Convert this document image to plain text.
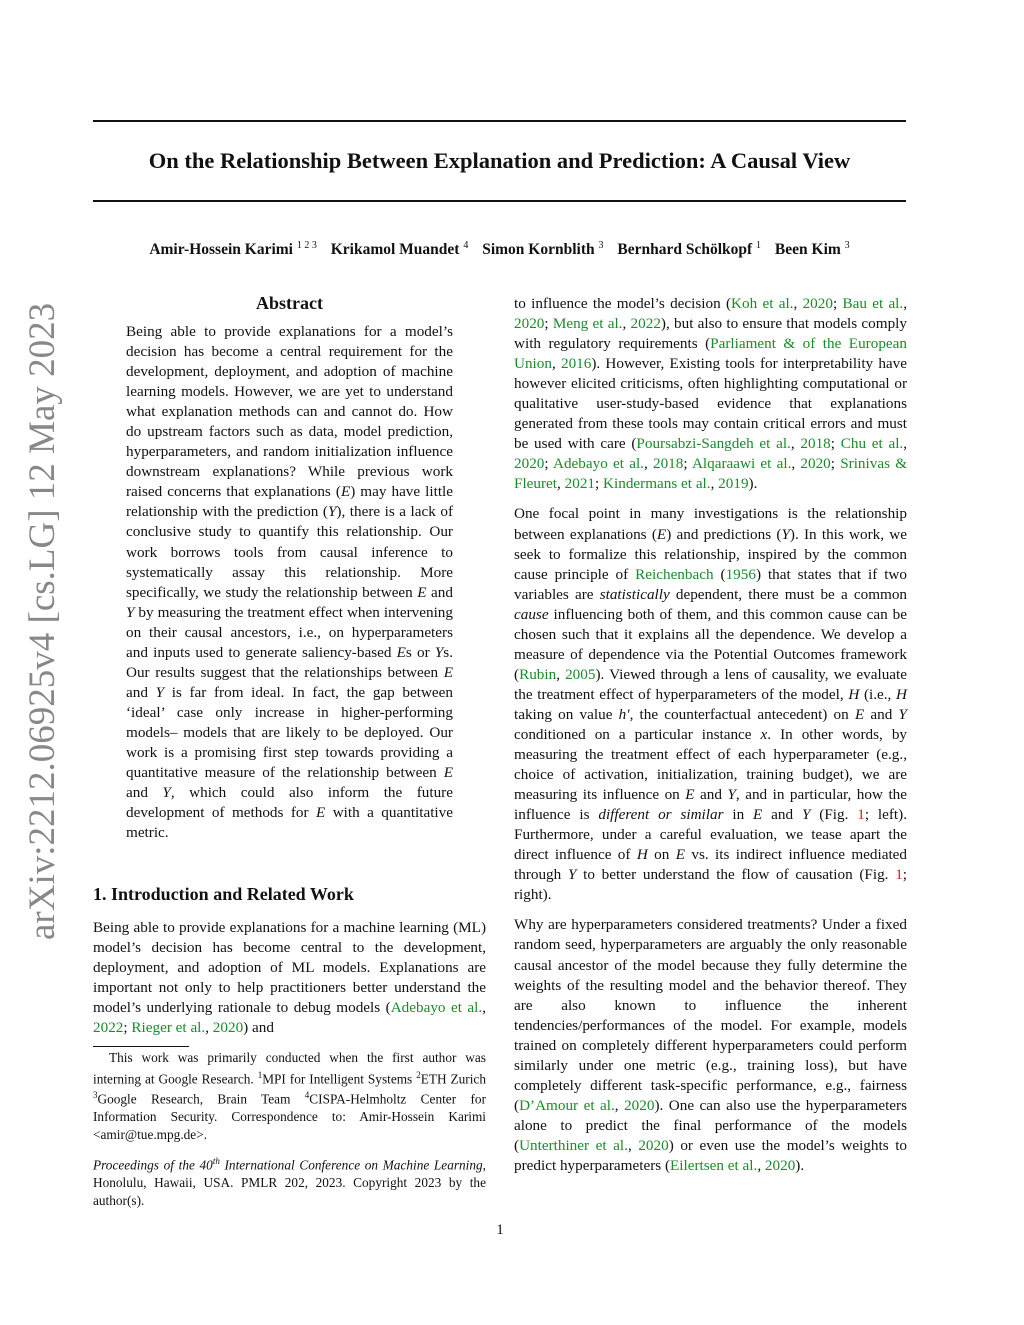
arXiv:2212.06925v4 [cs.LG] 12 May 2023
On the Relationship Between Explanation and Prediction: A Causal View
Amir-Hossein Karimi $^{1 2 3}$ Krikamol Muandet $^4$ Simon Kornblith $^3$ Bernhard Schölkopf $^1$ Been Kim $^3$
Abstract

Being able to provide explanations for a model’s decision has become a central requirement for the development, deployment, and adoption of machine learning models. However, we are yet to understand what explanation methods can and cannot do. How do upstream factors such as data, model prediction, hyperparameters, and random initialization influence downstream explanations? While previous work raised concerns that explanations (E) may have little relationship with the prediction (Y), there is a lack of conclusive study to quantify this relationship. Our work borrows tools from causal inference to systematically assay this relationship. More specifically, we study the relationship between E and Y by measuring the treatment effect when intervening on their causal ancestors, i.e., on hyperparameters and inputs used to generate saliency-based Es or Ys. Our results suggest that the relationships between E and Y is far from ideal. In fact, the gap between ‘ideal’ case only increase in higher-performing models– models that are likely to be deployed. Our work is a promising first step towards providing a quantitative measure of the relationship between E and Y, which could also inform the future development of methods for E with a quantitative metric.

1. Introduction and Related Work

Being able to provide explanations for a machine learning (ML) model’s decision has become central to the development, deployment, and adoption of ML models. Explanations are important not only to help practitioners better understand the model’s underlying rationale to debug models (Adebayo et al., 2022; Rieger et al., 2020) and

This work was primarily conducted when the first author was interning at Google Research. $^1$MPI for Intelligent Systems $^2$ETH Zurich $^3$Google Research, Brain Team $^4$CISPA-Helmholtz Center for Information Security. Correspondence to: Amir-Hossein Karimi <amir@tue.mpg.de>.

Proceedings of the 40th International Conference on Machine Learning, Honolulu, Hawaii, USA. PMLR 202, 2023. Copyright 2023 by the author(s).

to influence the model’s decision (Koh et al., 2020; Bau et al., 2020; Meng et al., 2022), but also to ensure that models comply with regulatory requirements (Parliament & of the European Union, 2016). However, Existing tools for interpretability have however elicited criticisms, often highlighting computational or qualitative user-study-based evidence that explanations generated from these tools may contain critical errors and must be used with care (Poursabzi-Sangdeh et al., 2018; Chu et al., 2020; Adebayo et al., 2018; Alqaraawi et al., 2020; Srinivas & Fleuret, 2021; Kindermans et al., 2019).

One focal point in many investigations is the relationship between explanations (E) and predictions (Y). In this work, we seek to formalize this relationship, inspired by the common cause principle of Reichenbach (1956) that states that if two variables are statistically dependent, there must be a common cause influencing both of them, and this common cause can be chosen such that it explains all the dependence. We develop a measure of dependence via the Potential Outcomes framework (Rubin, 2005). Viewed through a lens of causality, we evaluate the treatment effect of hyperparameters of the model, H (i.e., H taking on value h′, the counterfactual antecedent) on E and Y conditioned on a particular instance x. In other words, by measuring the treatment effect of each hyperparameter (e.g., choice of activation, initialization, training budget), we are measuring its influence on E and Y, and in particular, how the influence is different or similar in E and Y (Fig. 1; left). Furthermore, under a careful evaluation, we tease apart the direct influence of H on E vs. its indirect influence mediated through Y to better understand the flow of causation (Fig. 1; right).

Why are hyperparameters considered treatments? Under a fixed random seed, hyperparameters are arguably the only reasonable causal ancestor of the model because they fully determine the weights of the resulting model and the behavior thereof. They are also known to influence the inherent tendencies/performances of the model. For example, models trained on completely different hyperparameters could perform similarly under one metric (e.g., training loss), but have completely different task-specific performance, e.g., fairness (D’Amour et al., 2020). One can also use the hyperparameters alone to predict the final performance of the models (Unterthiner et al., 2020) or even use the model’s weights to predict hyperparameters (Eilertsen et al., 2020).

1
